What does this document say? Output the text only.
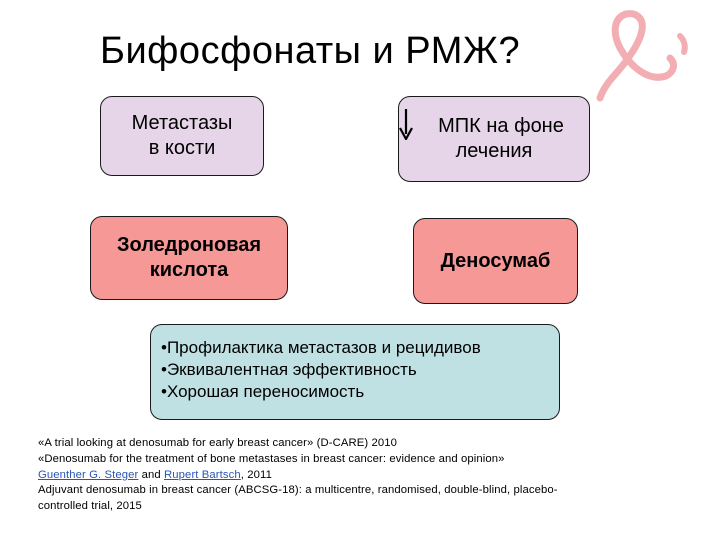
Бифосфонаты и РМЖ?
Метастазы
в кости
МПК на фоне
лечения
Золедроновая
кислота	Деносумаб
•Профилактика метастазов и рецидивов
•Эквивалентная эффективность
•Хорошая переносимость
«A trial looking at denosumab for early breast cancer» (D-CARE) 2010
«Denosumab for the treatment of bone metastases in breast cancer: evidence and opinion»
Guenther G. Steger and Rupert Bartsch, 2011
Adjuvant denosumab in breast cancer (ABCSG-18): a multicentre, randomised, double-blind, placebo-
controlled trial, 2015
